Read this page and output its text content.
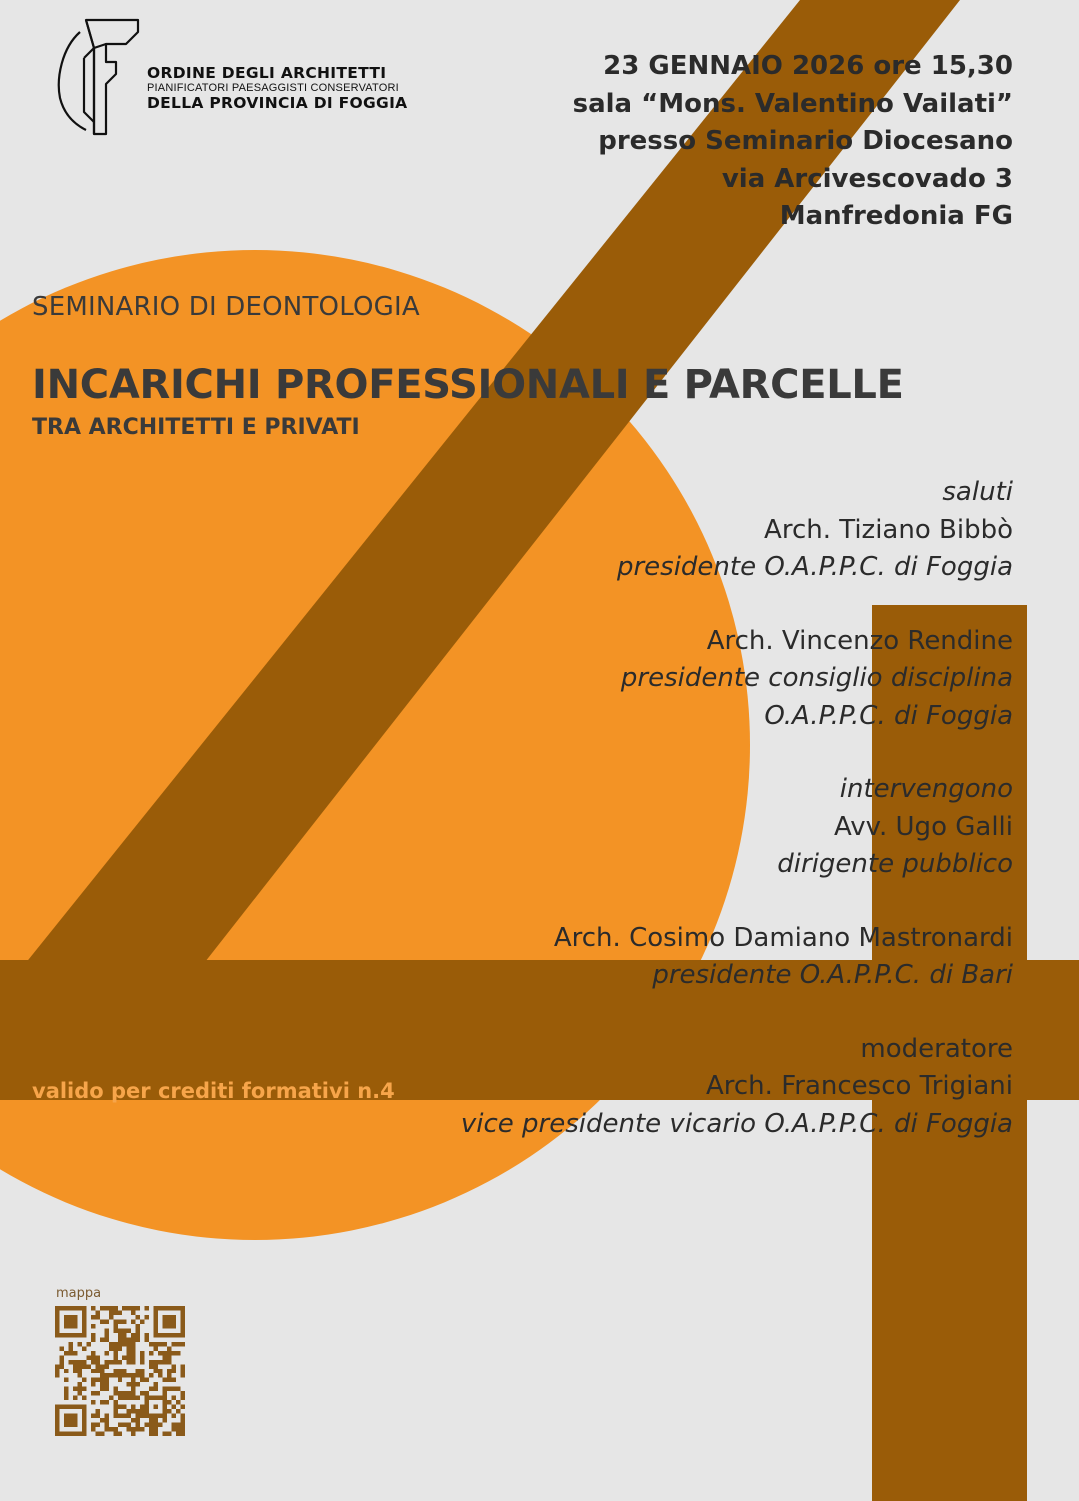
ORDINE DEGLI ARCHITETTI
PIANIFICATORI PAESAGGISTI CONSERVATORI
DELLA PROVINCIA DI FOGGIA
23 GENNAIO 2026 ore 15,30
sala “Mons. Valentino Vailati”
presso Seminario Diocesano
via Arcivescovado 3
Manfredonia FG
SEMINARIO DI DEONTOLOGIA
INCARICHI PROFESSIONALI E PARCELLE
TRA ARCHITETTI E PRIVATI
saluti
Arch. Tiziano Bibbò
presidente O.A.P.P.C. di Foggia
Arch. Vincenzo Rendine
presidente consiglio disciplina
O.A.P.P.C. di Foggia
intervengono
Avv. Ugo Galli
dirigente pubblico
Arch. Cosimo Damiano Mastronardi
presidente O.A.P.P.C. di Bari
moderatore
Arch. Francesco Trigiani
vice presidente vicario O.A.P.P.C. di Foggia
valido per crediti formativi n.4
mappa
